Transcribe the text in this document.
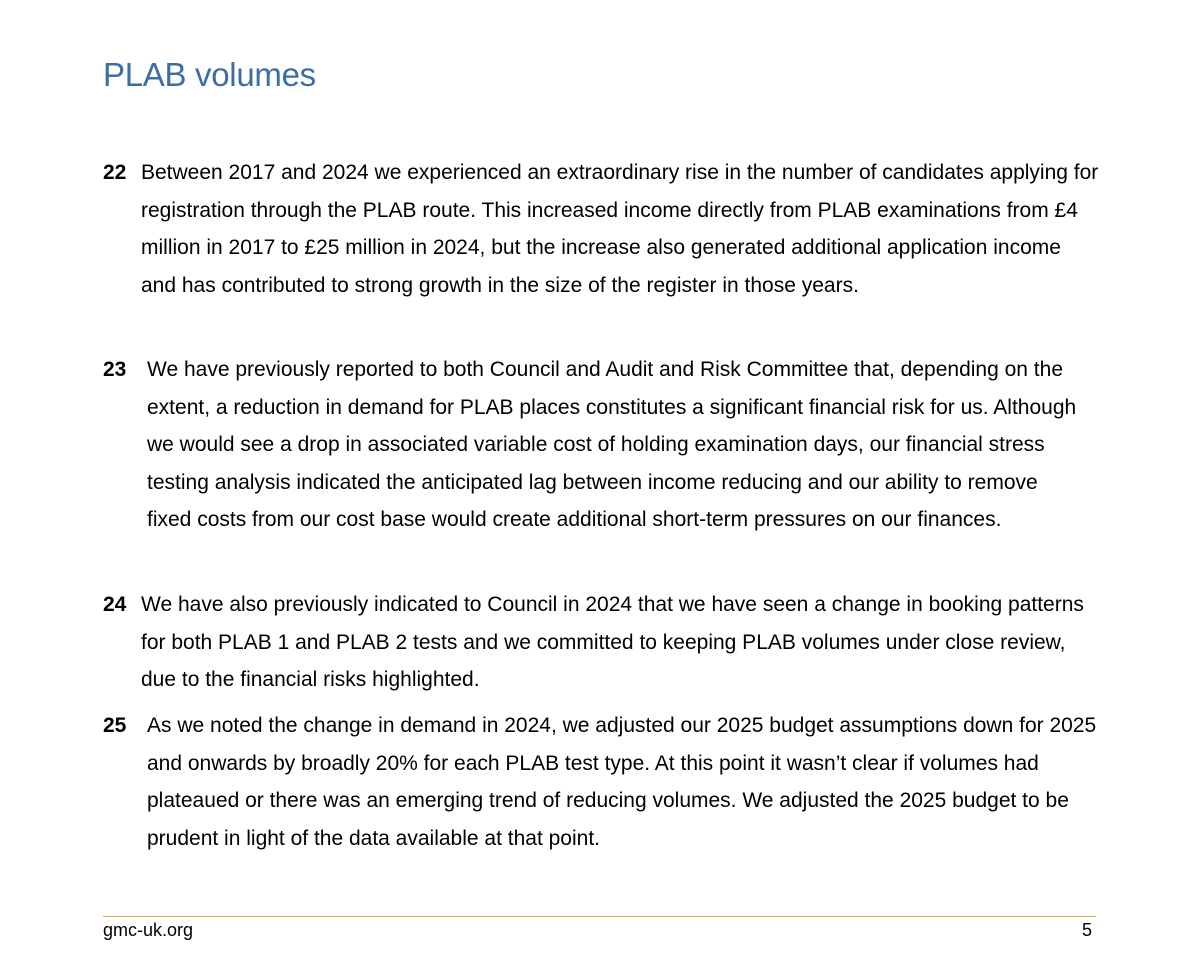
PLAB volumes
22 Between 2017 and 2024 we experienced an extraordinary rise in the number of candidates applying for registration through the PLAB route. This increased income directly from PLAB examinations from £4 million in 2017 to £25 million in 2024, but the increase also generated additional application income and has contributed to strong growth in the size of the register in those years.
23 We have previously reported to both Council and Audit and Risk Committee that, depending on the extent, a reduction in demand for PLAB places constitutes a significant financial risk for us. Although we would see a drop in associated variable cost of holding examination days, our financial stress testing analysis indicated the anticipated lag between income reducing and our ability to remove fixed costs from our cost base would create additional short-term pressures on our finances.
24 We have also previously indicated to Council in 2024 that we have seen a change in booking patterns for both PLAB 1 and PLAB 2 tests and we committed to keeping PLAB volumes under close review, due to the financial risks highlighted.
25 As we noted the change in demand in 2024, we adjusted our 2025 budget assumptions down for 2025 and onwards by broadly 20% for each PLAB test type. At this point it wasn’t clear if volumes had plateaued or there was an emerging trend of reducing volumes. We adjusted the 2025 budget to be prudent in light of the data available at that point.
gmc-uk.org	5
